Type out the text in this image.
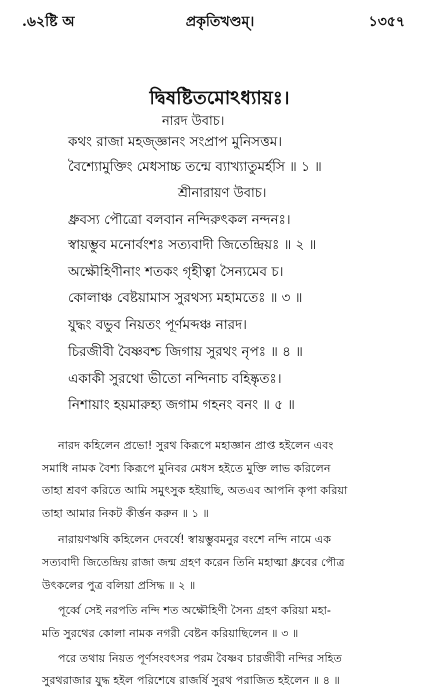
.৬২ষ্টি অ	প্রকৃতিখণ্ডম্।	১৩৫৭
দ্বিষষ্টিতমোঽধ্যায়ঃ।
নারদ উবাচ।
কথং রাজা মহজ্জ্ঞানং সংপ্রাপ মুনিসত্তম।
বৈশ্যোমুক্তিং মেধসাচ্চ তন্মে ব্যাখ্যাতুমর্হসি ॥ ১ ॥
শ্রীনারায়ণ উবাচ।
ধ্রুবস্য পৌত্রো বলবান নন্দিরুৎকল নন্দনঃ।
স্বায়ম্ভুব মনোর্বংশঃ সত্যবাদী জিতেন্দ্রিয়ঃ ॥ ২ ॥
অক্ষৌহিণীনাং শতকং গৃহীত্বা সৈন্যমেব চ।
কোলাঞ্চ বেষ্টয়ামাস সুরথস্য মহামতেঃ ॥ ৩ ॥
যুদ্ধং বভুব নিয়তং পূর্ণমব্দঞ্চ নারদ।
চিরজীবী বৈষ্ণবশ্চ জিগায় সুরথং নৃপঃ ॥ ৪ ॥
একাকী সুরথো ভীতো নন্দিনাচ বহিষ্কৃতঃ।
নিশায়াং হয়মারুহ্য জগাম গহনং বনং ॥ ৫ ॥
নারদ কহিলেন প্রভো! সুরথ কিরূপে মহাজ্ঞান প্রাপ্ত হইলেন এবং
সমাধি নামক বৈশ্য কিরূপে মুনিবর মেধস হইতে মুক্তি লাভ করিলেন
তাহা শ্রবণ করিতে আমি সমুৎসুক হইয়াছি, অতএব আপনি কৃপা করিয়া
তাহা আমার নিকট কীর্ত্তন করুন ॥ ১ ॥
নারায়ণঋষি কহিলেন দেবর্ষে! স্বায়ম্ভুবমনুর বংশে নন্দি নামে এক
সত্যবাদী জিতেন্দ্রিয় রাজা জন্ম গ্রহণ করেন তিনি মহাত্মা ধ্রুবের পৌত্র
উৎকলের পুত্র বলিয়া প্রসিদ্ধ ॥ ২ ॥
পূর্ব্বে সেই নরপতি নন্দি শত অক্ষৌহিণী সৈন্য গ্রহণ করিয়া মহা-
মতি সুরথের কোলা নামক নগরী বেষ্টন করিয়াছিলেন ॥ ৩ ॥
পরে তথায় নিয়ত পূর্ণসংবৎসর পরম বৈষ্ণব চারজীবী নন্দির সহিত
সুরথরাজার যুদ্ধ হইল পরিশেষে রাজর্ষি সুরথ পরাজিত হইলেন ॥ ৪ ॥
